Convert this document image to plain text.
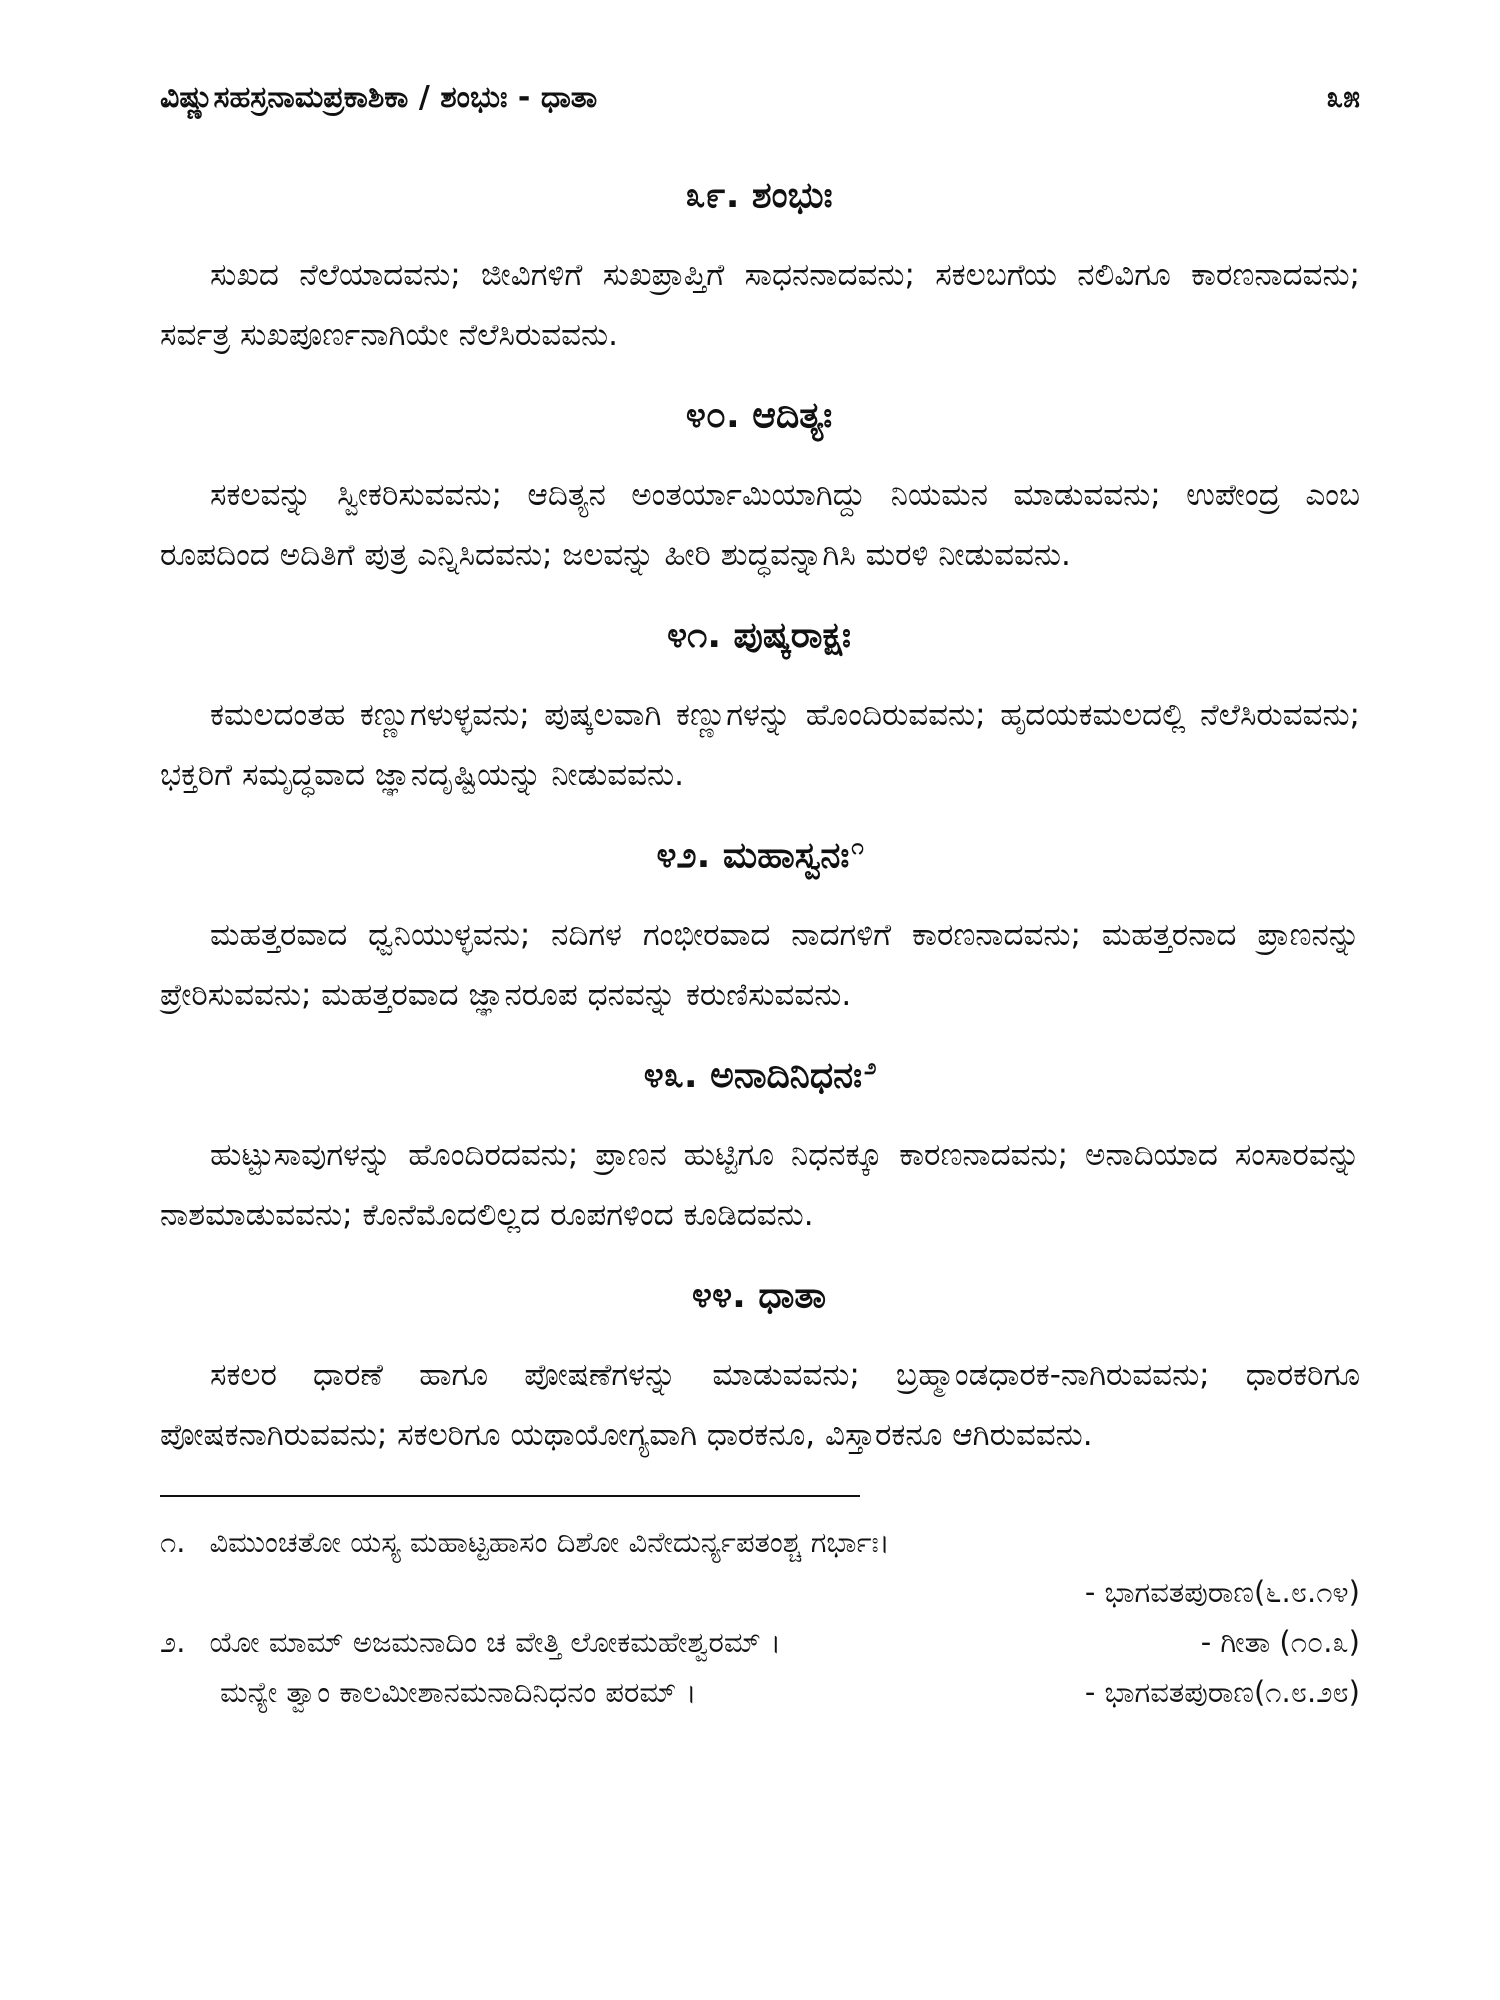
ವಿಷ್ಣುಸಹಸ್ರನಾಮಪ್ರಕಾಶಿಕಾ / ಶಂಭುಃ - ಧಾತಾ	೩೫
೩೯. ಶಂಭುಃ

ಸುಖದ ನೆಲೆಯಾದವನು; ಜೀವಿಗಳಿಗೆ ಸುಖಪ್ರಾಪ್ತಿಗೆ ಸಾಧನನಾದವನು; ಸಕಲಬಗೆಯ ನಲಿವಿಗೂ ಕಾರಣನಾದವನು; ಸರ್ವತ್ರ ಸುಖಪೂರ್ಣನಾಗಿಯೇ ನೆಲೆಸಿರುವವನು.

೪೦. ಆದಿತ್ಯಃ

ಸಕಲವನ್ನು ಸ್ವೀಕರಿಸುವವನು; ಆದಿತ್ಯನ ಅಂತರ್ಯಾಮಿಯಾಗಿದ್ದು ನಿಯಮನ ಮಾಡುವವನು; ಉಪೇಂದ್ರ ಎಂಬ ರೂಪದಿಂದ ಅದಿತಿಗೆ ಪುತ್ರ ಎನ್ನಿಸಿದವನು; ಜಲವನ್ನು ಹೀರಿ ಶುದ್ಧವನ್ನಾಗಿಸಿ ಮರಳಿ ನೀಡುವವನು.

೪೧. ಪುಷ್ಕರಾಕ್ಷಃ

ಕಮಲದಂತಹ ಕಣ್ಣುಗಳುಳ್ಳವನು; ಪುಷ್ಕಲವಾಗಿ ಕಣ್ಣುಗಳನ್ನು ಹೊಂದಿರುವವನು; ಹೃದಯಕಮಲದಲ್ಲಿ ನೆಲೆಸಿರುವವನು; ಭಕ್ತರಿಗೆ ಸಮೃದ್ಧವಾದ ಜ್ಞಾನದೃಷ್ಟಿಯನ್ನು ನೀಡುವವನು.

೪೨. ಮಹಾಸ್ವನಃ$^೧$

ಮಹತ್ತರವಾದ ಧ್ವನಿಯುಳ್ಳವನು; ನದಿಗಳ ಗಂಭೀರವಾದ ನಾದಗಳಿಗೆ ಕಾರಣನಾದವನು; ಮಹತ್ತರನಾದ ಪ್ರಾಣನನ್ನು ಪ್ರೇರಿಸುವವನು; ಮಹತ್ತರವಾದ ಜ್ಞಾನರೂಪ ಧನವನ್ನು ಕರುಣಿಸುವವನು.

೪೩. ಅನಾದಿನಿಧನಃ$^೨$

ಹುಟ್ಟುಸಾವುಗಳನ್ನು ಹೊಂದಿರದವನು; ಪ್ರಾಣನ ಹುಟ್ಟಿಗೂ ನಿಧನಕ್ಕೂ ಕಾರಣನಾದವನು; ಅನಾದಿಯಾದ ಸಂಸಾರವನ್ನು ನಾಶಮಾಡುವವನು; ಕೊನೆಮೊದಲಿಲ್ಲದ ರೂಪಗಳಿಂದ ಕೂಡಿದವನು.

೪೪. ಧಾತಾ

ಸಕಲರ ಧಾರಣೆ ಹಾಗೂ ಪೋಷಣೆಗಳನ್ನು ಮಾಡುವವನು; ಬ್ರಹ್ಮಾಂಡಧಾರಕ-ನಾಗಿರುವವನು; ಧಾರಕರಿಗೂ ಪೋಷಕನಾಗಿರುವವನು; ಸಕಲರಿಗೂ ಯಥಾಯೋಗ್ಯವಾಗಿ ಧಾರಕನೂ, ವಿಸ್ತಾರಕನೂ ಆಗಿರುವವನು.

೧. ವಿಮುಂಚತೋ ಯಸ್ಯ ಮಹಾಟ್ಟಹಾಸಂ ದಿಶೋ ವಿನೇದುರ್ನ್ಯಪತಂಶ್ಚ ಗರ್ಭಾಃ।
- ಭಾಗವತಪುರಾಣ(೬.೮.೧೪)
೨. ಯೋ ಮಾಮ್ ಅಜಮನಾದಿಂ ಚ ವೇತ್ತಿ ಲೋಕಮಹೇಶ್ವರಮ್ ।	- ಗೀತಾ (೧೦.೩)
ಮನ್ಯೇ ತ್ವಾಂ ಕಾಲಮೀಶಾನಮನಾದಿನಿಧನಂ ಪರಮ್ ।	- ಭಾಗವತಪುರಾಣ(೧.೮.೨೮)
